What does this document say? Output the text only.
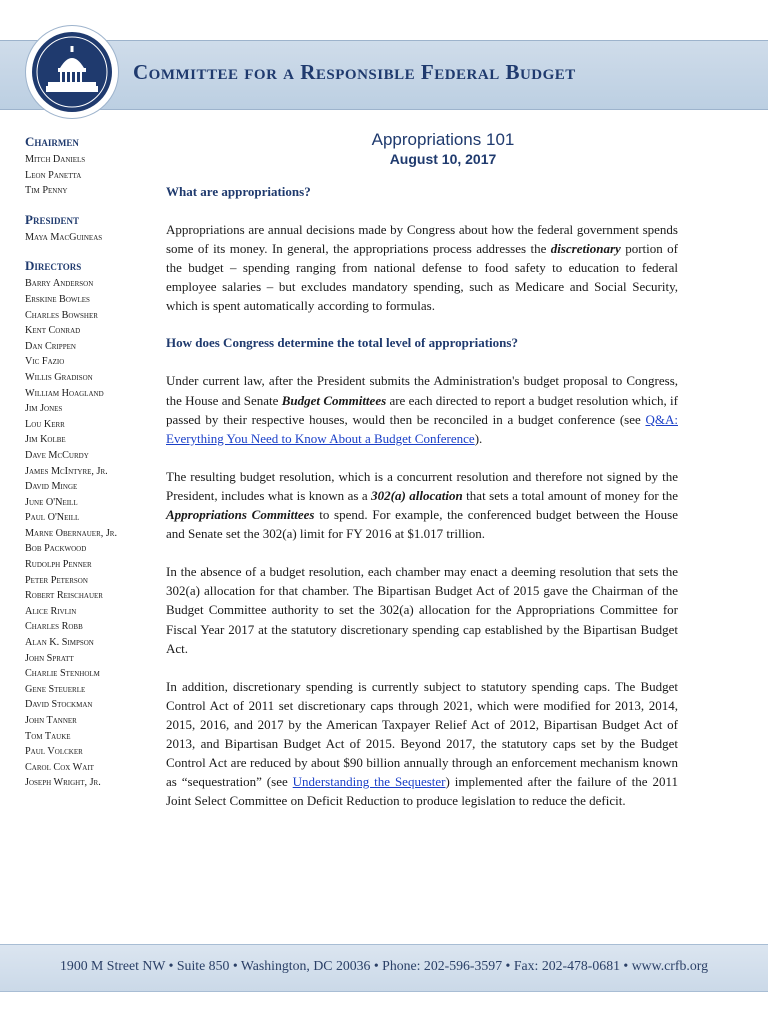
Committee for a Responsible Federal Budget
Chairmen
Mitch Daniels
Leon Panetta
Tim Penny
President
Maya MacGuineas
Directors
Barry Anderson
Erskine Bowles
Charles Bowsher
Kent Conrad
Dan Crippen
Vic Fazio
Willis Gradison
William Hoagland
Jim Jones
Lou Kerr
Jim Kolbe
Dave McCurdy
James McIntyre, Jr.
David Minge
June O'Neill
Paul O'Neill
Marne Obernauer, Jr.
Bob Packwood
Rudolph Penner
Peter Peterson
Robert Reischauer
Alice Rivlin
Charles Robb
Alan K. Simpson
John Spratt
Charlie Stenholm
Gene Steuerle
David Stockman
John Tanner
Tom Tauke
Paul Volcker
Carol Cox Wait
Joseph Wright, Jr.
Appropriations 101
August 10, 2017
What are appropriations?
Appropriations are annual decisions made by Congress about how the federal government spends some of its money. In general, the appropriations process addresses the discretionary portion of the budget – spending ranging from national defense to food safety to education to federal employee salaries – but excludes mandatory spending, such as Medicare and Social Security, which is spent automatically according to formulas.
How does Congress determine the total level of appropriations?
Under current law, after the President submits the Administration's budget proposal to Congress, the House and Senate Budget Committees are each directed to report a budget resolution which, if passed by their respective houses, would then be reconciled in a budget conference (see Q&A: Everything You Need to Know About a Budget Conference).
The resulting budget resolution, which is a concurrent resolution and therefore not signed by the President, includes what is known as a 302(a) allocation that sets a total amount of money for the Appropriations Committees to spend. For example, the conferenced budget between the House and Senate set the 302(a) limit for FY 2016 at $1.017 trillion.
In the absence of a budget resolution, each chamber may enact a deeming resolution that sets the 302(a) allocation for that chamber. The Bipartisan Budget Act of 2015 gave the Chairman of the Budget Committee authority to set the 302(a) allocation for the Appropriations Committee for Fiscal Year 2017 at the statutory discretionary spending cap established by the Bipartisan Budget Act.
In addition, discretionary spending is currently subject to statutory spending caps. The Budget Control Act of 2011 set discretionary caps through 2021, which were modified for 2013, 2014, 2015, 2016, and 2017 by the American Taxpayer Relief Act of 2012, Bipartisan Budget Act of 2013, and Bipartisan Budget Act of 2015. Beyond 2017, the statutory caps set by the Budget Control Act are reduced by about $90 billion annually through an enforcement mechanism known as “sequestration” (see Understanding the Sequester) implemented after the failure of the 2011 Joint Select Committee on Deficit Reduction to produce legislation to reduce the deficit.
1900 M Street NW • Suite 850 • Washington, DC 20036 • Phone: 202-596-3597 • Fax: 202-478-0681 • www.crfb.org
